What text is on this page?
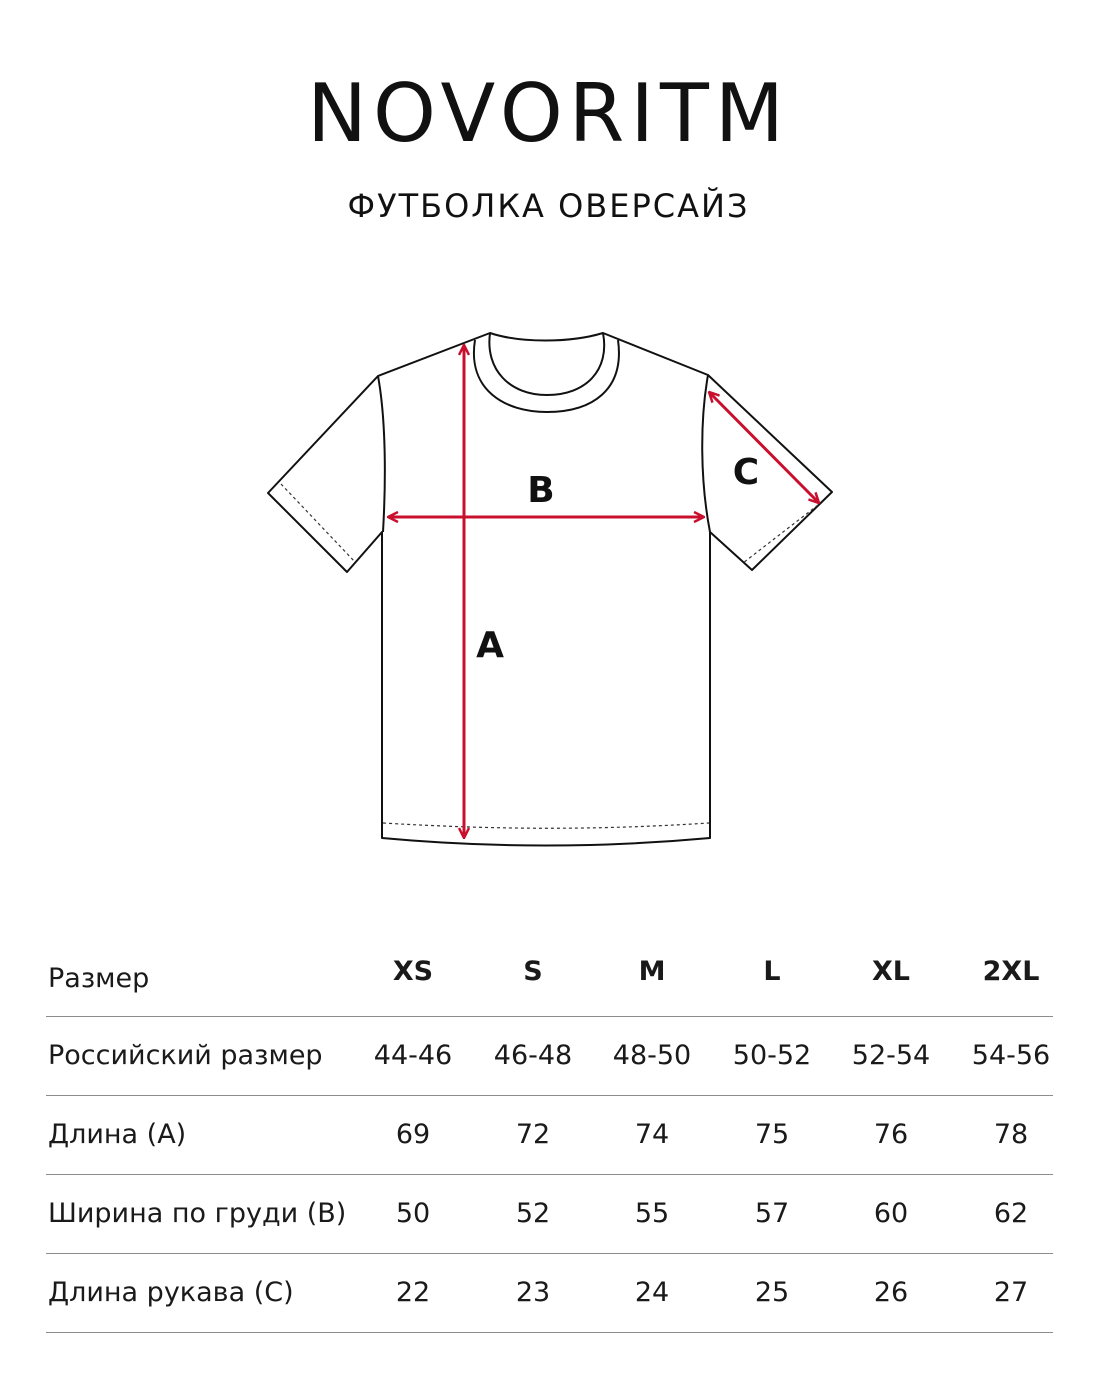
NOVORITM
ФУТБОЛКА ОВЕРСАЙЗ
A
B	C
Размер	XS	S	M	L	XL	2XL
Российский размер	44-46	46-48	48-50	50-52	52-54	54-56
Длина (A)	69	72	74	75	76	78
Ширина по груди (B)	50	52	55	57	60	62
Длина рукава (C)	22	23	24	25	26	27
